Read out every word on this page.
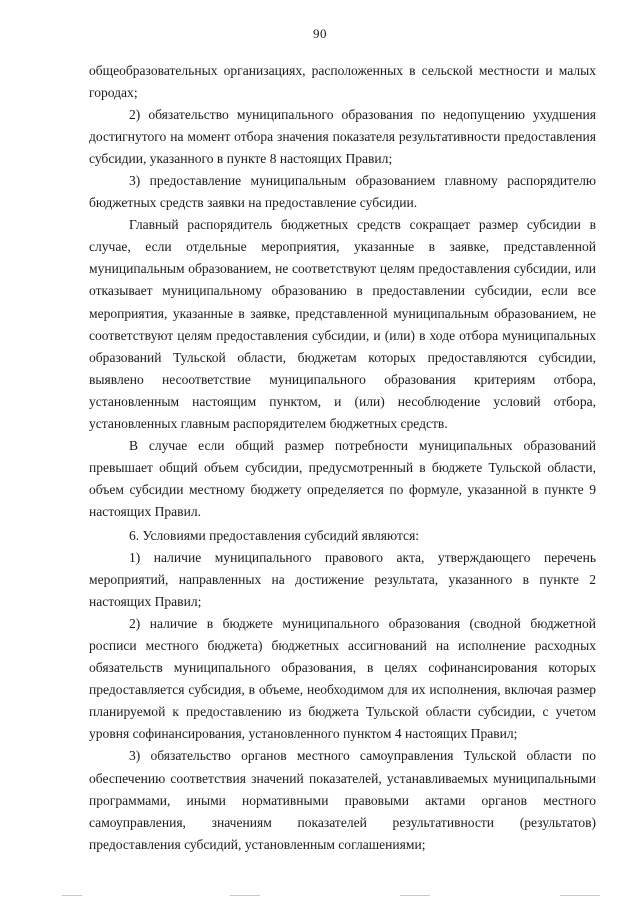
90

общеобразовательных организациях, расположенных в сельской местности и малых городах;

2) обязательство муниципального образования по недопущению ухудшения достигнутого на момент отбора значения показателя результативности предоставления субсидии, указанного в пункте 8 настоящих Правил;

3) предоставление муниципальным образованием главному распорядителю бюджетных средств заявки на предоставление субсидии.

Главный распорядитель бюджетных средств сокращает размер субсидии в случае, если отдельные мероприятия, указанные в заявке, представленной муниципальным образованием, не соответствуют целям предоставления субсидии, или отказывает муниципальному образованию в предоставлении субсидии, если все мероприятия, указанные в заявке, представленной муниципальным образованием, не соответствуют целям предоставления субсидии, и (или) в ходе отбора муниципальных образований Тульской области, бюджетам которых предоставляются субсидии, выявлено несоответствие муниципального образования критериям отбора, установленным настоящим пунктом, и (или) несоблюдение условий отбора, установленных главным распорядителем бюджетных средств.

В случае если общий размер потребности муниципальных образований превышает общий объем субсидии, предусмотренный в бюджете Тульской области, объем субсидии местному бюджету определяется по формуле, указанной в пункте 9 настоящих Правил.

6. Условиями предоставления субсидий являются:

1) наличие муниципального правового акта, утверждающего перечень мероприятий, направленных на достижение результата, указанного в пункте 2 настоящих Правил;

2) наличие в бюджете муниципального образования (сводной бюджетной росписи местного бюджета) бюджетных ассигнований на исполнение расходных обязательств муниципального образования, в целях софинансирования которых предоставляется субсидия, в объеме, необходимом для их исполнения, включая размер планируемой к предоставлению из бюджета Тульской области субсидии, с учетом уровня софинансирования, установленного пунктом 4 настоящих Правил;

3) обязательство органов местного самоуправления Тульской области по обеспечению соответствия значений показателей, устанавливаемых муниципальными программами, иными нормативными правовыми актами органов местного самоуправления, значениям показателей результативности (результатов) предоставления субсидий, установленным соглашениями;
